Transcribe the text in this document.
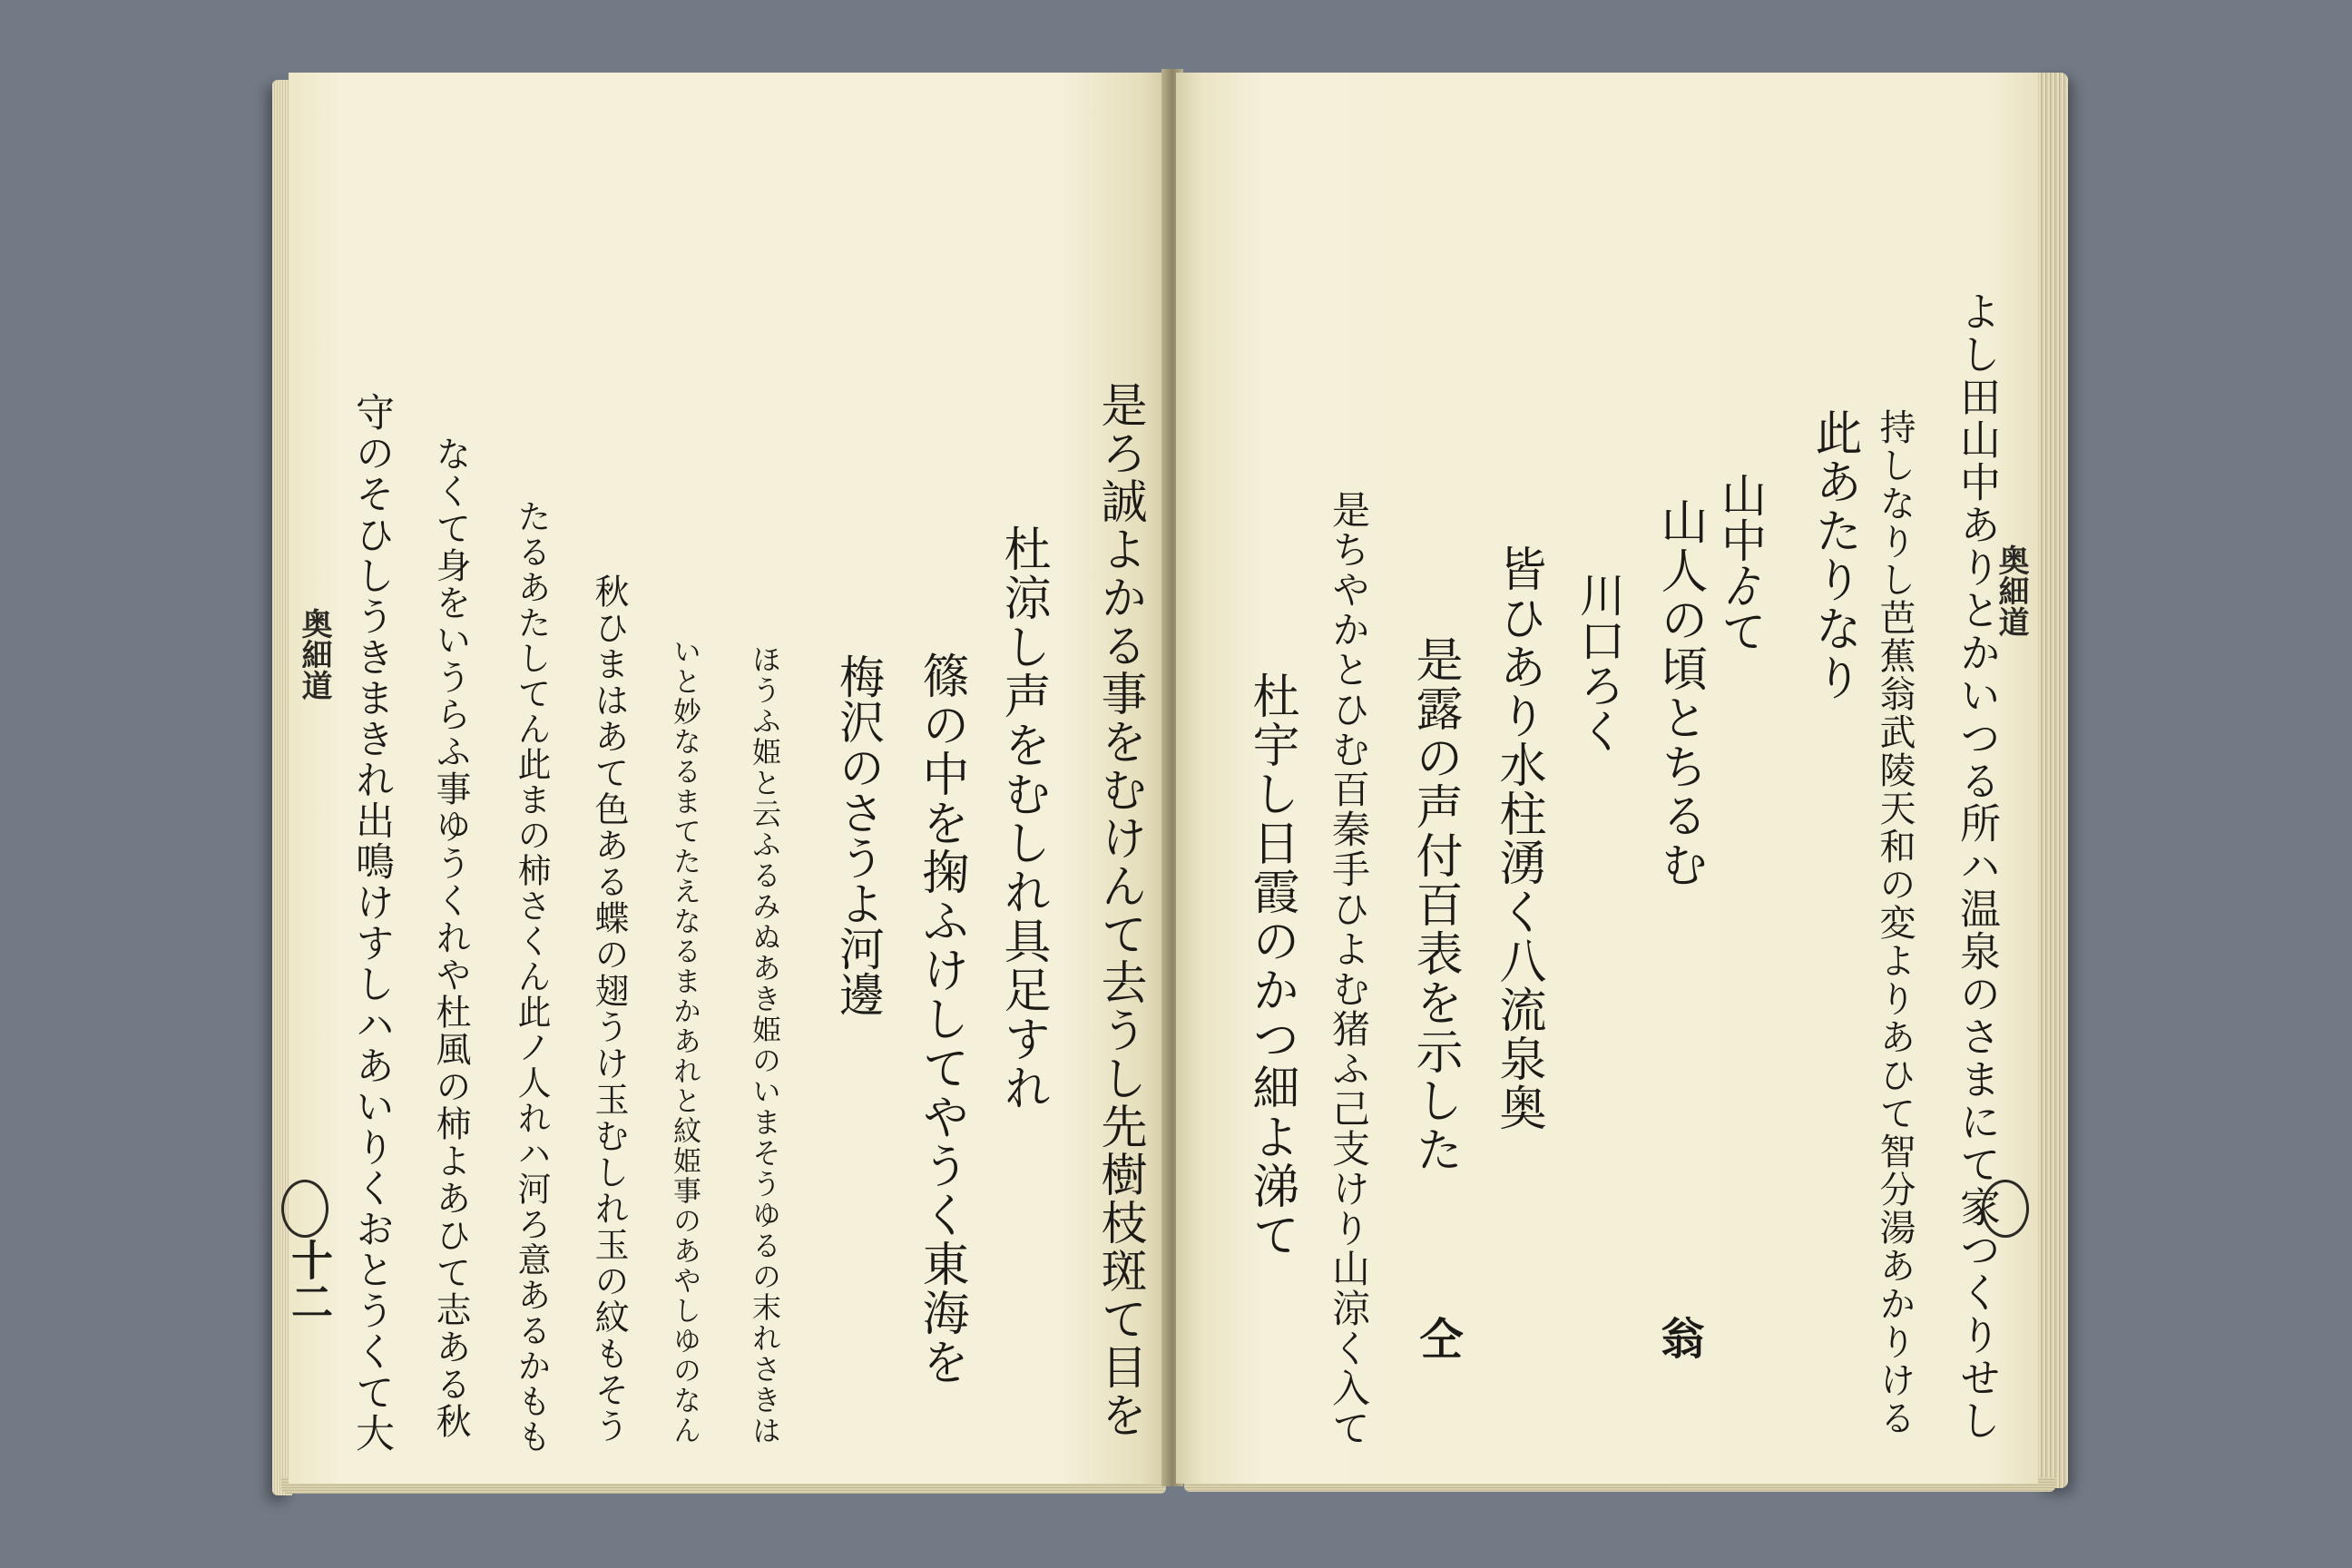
奥細道
十二	是ろ誠よかる事をむけんて去うし先樹枝斑て目を
杜涼し声をむしれ具足すれ
篠の中を掬ふけしてやうく東海を
梅沢のさうよ河邊
ほうふ姫と云ふるみぬあき姫のいまそうゆるの末れさきは
いと妙なるまてたえなるまかあれと紋姫事のあやしゆのなん
秋ひまはあて色ある蝶の翅うけ玉むしれ玉の紋もそう
たるあたしてん此まの柿さくん此ノ人れハ河ろ意あるかもも
なくて身をいうらふ事ゆうくれや杜風の柿よあひて志ある秋
守のそひしうきまきれ出鳴けすしハあいりくおとうくて大	奥細道
よし田山中ありとかいつる所ハ温泉のさまにて家つくりせし
持しなりし芭蕉翁武陵天和の変よりあひて智分湯あかりける
此あたりなり
山中ゟて
山人の頃とちるむ
翁
川口ろく
皆ひあり水柱湧く八流泉奥
是露の声付百表を示した
仝
是ちやかとひむ百秦手ひよむ猪ふ己支けり山涼く入て
杜宇し日霞のかつ細よ涕て
